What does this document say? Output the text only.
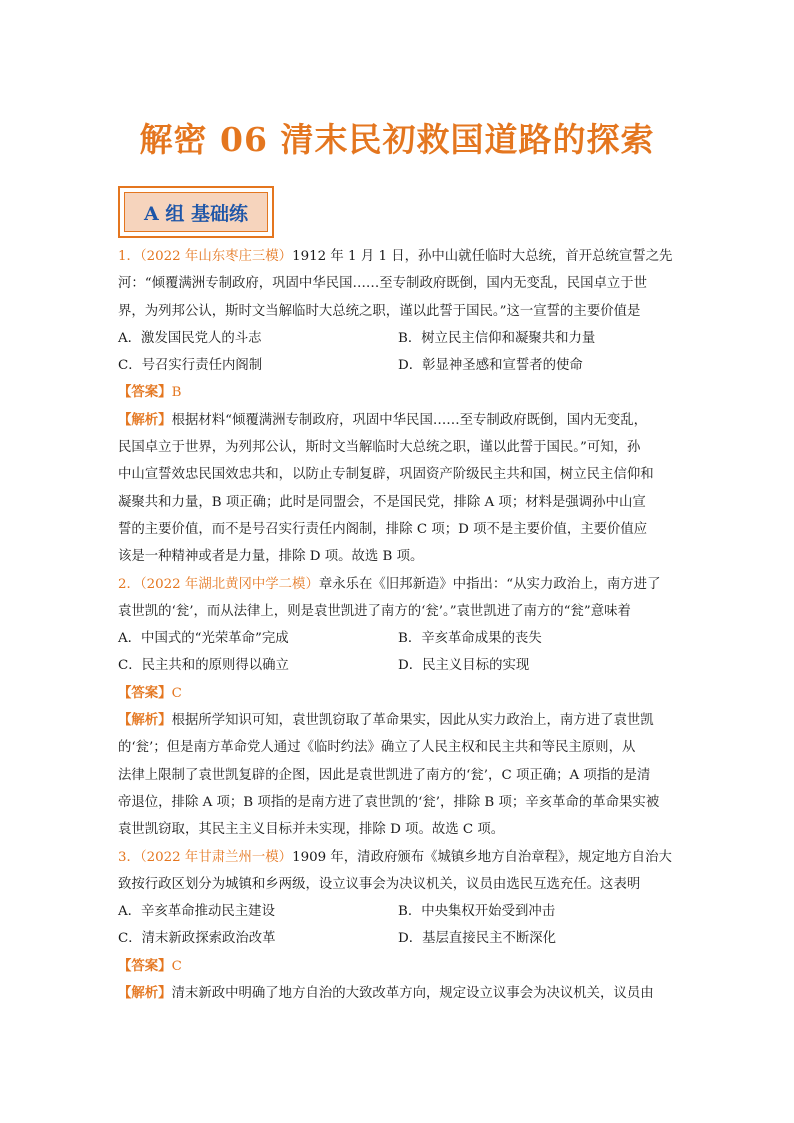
解密 06 清末民初救国道路的探索
A 组 基础练

1．（2022 年山东枣庄三模）1912 年 1 月 1 日，孙中山就任临时大总统，首开总统宣誓之先

河：“倾覆满洲专制政府，巩固中华民国……至专制政府既倒，国内无变乱，民国卓立于世

界，为列邦公认，斯时文当解临时大总统之职，谨以此誓于国民。”这一宣誓的主要价值是

A．激发国民党人的斗志	B．树立民主信仰和凝聚共和力量
C．号召实行责任内阁制	D．彰显神圣感和宣誓者的使命

【答案】B

【解析】根据材料“倾覆满洲专制政府，巩固中华民国……至专制政府既倒，国内无变乱，

民国卓立于世界，为列邦公认，斯时文当解临时大总统之职，谨以此誓于国民。”可知，孙

中山宣誓效忠民国效忠共和，以防止专制复辟，巩固资产阶级民主共和国，树立民主信仰和

凝聚共和力量，B 项正确；此时是同盟会，不是国民党，排除 A 项；材料是强调孙中山宣

誓的主要价值，而不是号召实行责任内阁制，排除 C 项；D 项不是主要价值，主要价值应

该是一种精神或者是力量，排除 D 项。故选 B 项。

2．（2022 年湖北黄冈中学二模）章永乐在《旧邦新造》中指出：“从实力政治上，南方进了

袁世凯的‘瓮’，而从法律上，则是袁世凯进了南方的‘瓮’。”袁世凯进了南方的“瓮”意味着

A．中国式的“光荣革命”完成	B．辛亥革命成果的丧失
C．民主共和的原则得以确立	D．民主义目标的实现

【答案】C

【解析】根据所学知识可知，袁世凯窃取了革命果实，因此从实力政治上，南方进了袁世凯

的‘瓮’；但是南方革命党人通过《临时约法》确立了人民主权和民主共和等民主原则，从

法律上限制了袁世凯复辟的企图，因此是袁世凯进了南方的‘瓮’，C 项正确；A 项指的是清

帝退位，排除 A 项；B 项指的是南方进了袁世凯的‘瓮’，排除 B 项；辛亥革命的革命果实被

袁世凯窃取，其民主主义目标并未实现，排除 D 项。故选 C 项。

3．（2022 年甘肃兰州一模）1909 年，清政府颁布《城镇乡地方自治章程》，规定地方自治大

致按行政区划分为城镇和乡两级，设立议事会为决议机关，议员由选民互选充任。这表明

A．辛亥革命推动民主建设	B．中央集权开始受到冲击
C．清末新政探索政治改革	D．基层直接民主不断深化

【答案】C

【解析】清末新政中明确了地方自治的大致改革方向，规定设立议事会为决议机关，议员由
